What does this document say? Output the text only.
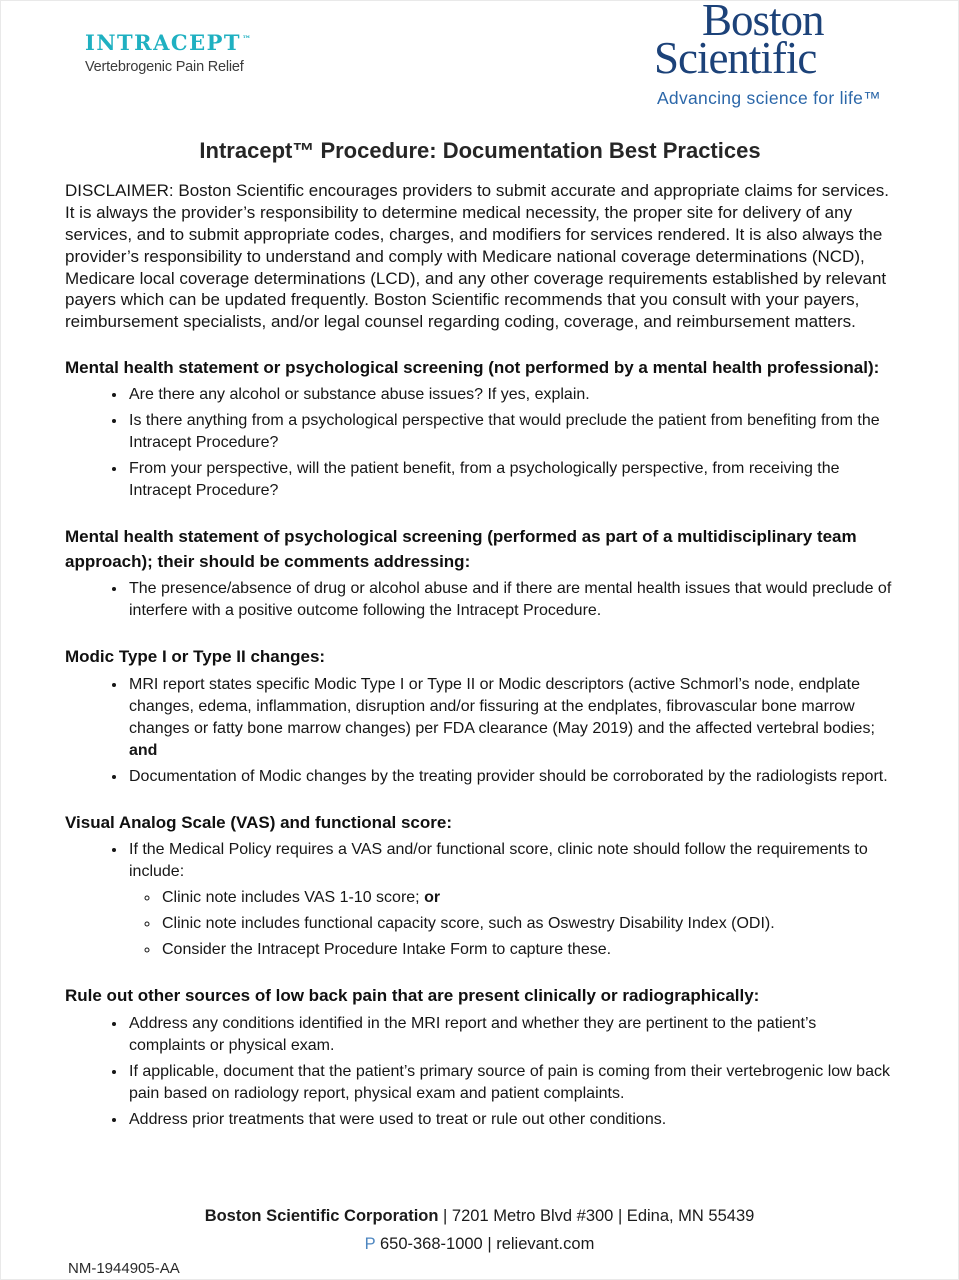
INTRACEPT™
Vertebrogenic Pain Relief
Boston
Scientific
Advancing science for life™
Intracept™ Procedure: Documentation Best Practices

DISCLAIMER: Boston Scientific encourages providers to submit accurate and appropriate claims for services. It is always the provider’s responsibility to determine medical necessity, the proper site for delivery of any services, and to submit appropriate codes, charges, and modifiers for services rendered. It is also always the provider’s responsibility to understand and comply with Medicare national coverage determinations (NCD), Medicare local coverage determinations (LCD), and any other coverage requirements established by relevant payers which can be updated frequently. Boston Scientific recommends that you consult with your payers, reimbursement specialists, and/or legal counsel regarding coding, coverage, and reimbursement matters.

Mental health statement or psychological screening (not performed by a mental health professional):
• Are there any alcohol or substance abuse issues? If yes, explain.
• Is there anything from a psychological perspective that would preclude the patient from benefiting from the Intracept Procedure?
• From your perspective, will the patient benefit, from a psychologically perspective, from receiving the Intracept Procedure?
Mental health statement of psychological screening (performed as part of a multidisciplinary team approach); their should be comments addressing:
• The presence/absence of drug or alcohol abuse and if there are mental health issues that would preclude of interfere with a positive outcome following the Intracept Procedure.
Modic Type I or Type II changes:
• MRI report states specific Modic Type I or Type II or Modic descriptors (active Schmorl’s node, endplate changes, edema, inflammation, disruption and/or fissuring at the endplates, fibrovascular bone marrow changes or fatty bone marrow changes) per FDA clearance (May 2019) and the affected vertebral bodies; and
• Documentation of Modic changes by the treating provider should be corroborated by the radiologists report.
Visual Analog Scale (VAS) and functional score:
• If the Medical Policy requires a VAS and/or functional score, clinic note should follow the requirements to include:
◦ Clinic note includes VAS 1-10 score; or
◦ Clinic note includes functional capacity score, such as Oswestry Disability Index (ODI).
◦ Consider the Intracept Procedure Intake Form to capture these.
Rule out other sources of low back pain that are present clinically or radiographically:
• Address any conditions identified in the MRI report and whether they are pertinent to the patient’s complaints or physical exam.
• If applicable, document that the patient’s primary source of pain is coming from their vertebrogenic low back pain based on radiology report, physical exam and patient complaints.
• Address prior treatments that were used to treat or rule out other conditions.
Boston Scientific Corporation | 7201 Metro Blvd #300 | Edina, MN 55439
P 650-368-1000 | relievant.com
NM-1944905-AA
